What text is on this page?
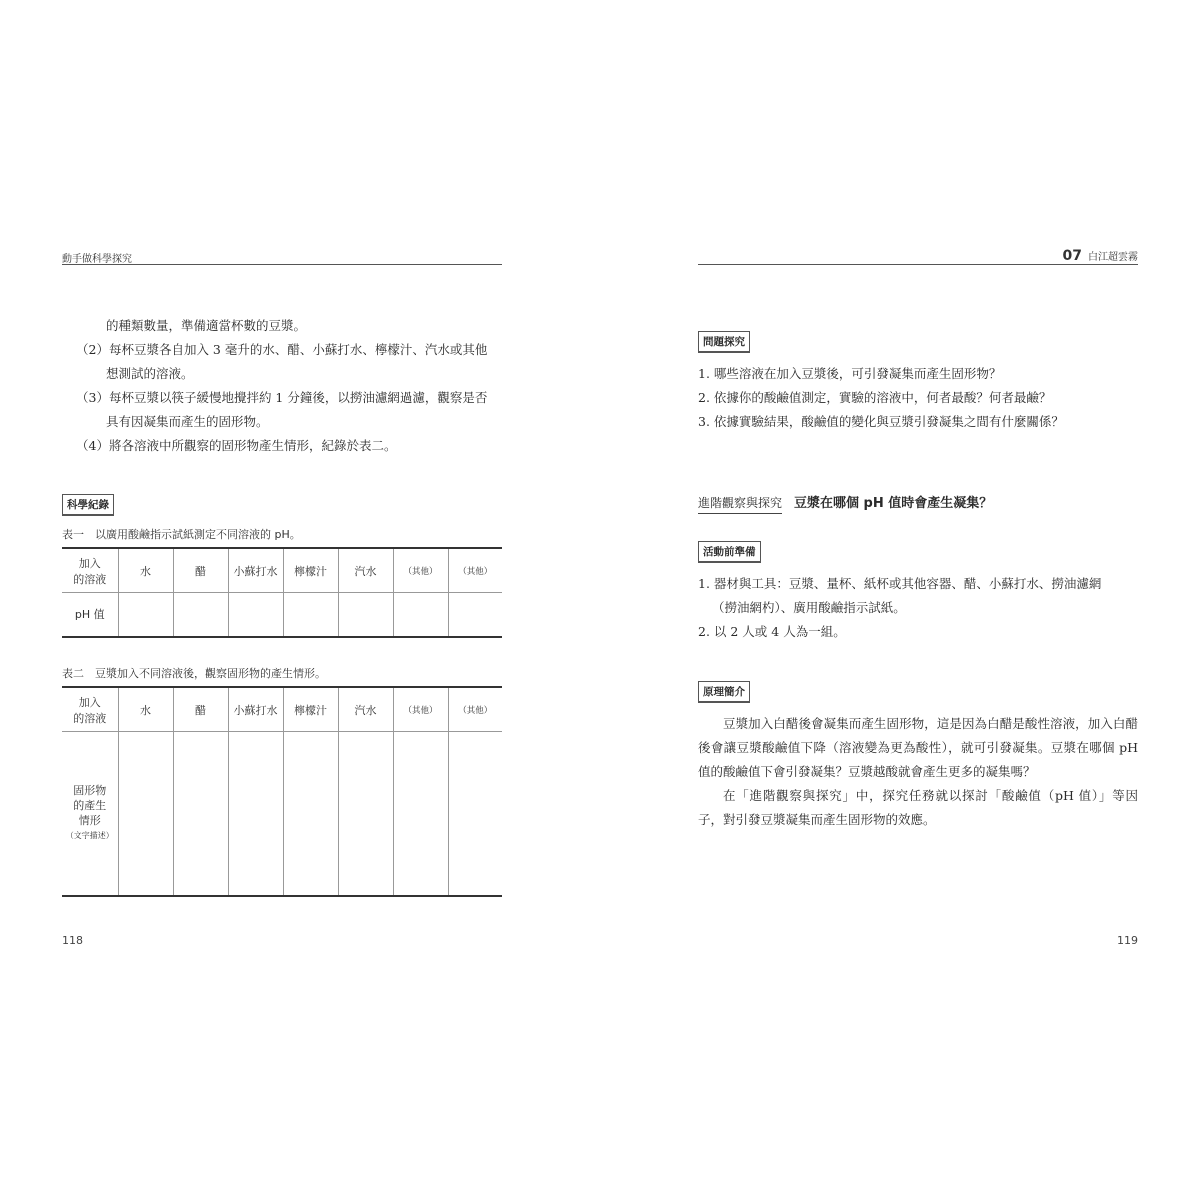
動手做科學探究
的種類數量，準備適當杯數的豆漿。
（2）每杯豆漿各自加入 3 毫升的水、醋、小蘇打水、檸檬汁、汽水或其他
想測試的溶液。
（3）每杯豆漿以筷子緩慢地攪拌約 1 分鐘後，以撈油濾網過濾，觀察是否
具有因凝集而產生的固形物。
（4）將各溶液中所觀察的固形物產生情形，紀錄於表二。
科學紀錄
表一　以廣用酸鹼指示試紙測定不同溶液的 pH。
加入
的溶液	水	醋	小蘇打水	檸檬汁	汽水	（其他）	（其他）
pH 值							
表二　豆漿加入不同溶液後，觀察固形物的產生情形。
加入
的溶液	水	醋	小蘇打水	檸檬汁	汽水	（其他）	（其他）

固形物
的產生
情形
（文字描述）							

118
07 白江超雲霧
問題探究
1. 哪些溶液在加入豆漿後，可引發凝集而產生固形物？
2. 依據你的酸鹼值測定，實驗的溶液中，何者最酸？何者最鹼？
3. 依據實驗結果，酸鹼值的變化與豆漿引發凝集之間有什麼關係？
進階觀察與探究 豆漿在哪個 pH 值時會產生凝集？
活動前準備
1. 器材與工具：豆漿、量杯、紙杯或其他容器、醋、小蘇打水、撈油濾網
（撈油網杓）、廣用酸鹼指示試紙。
2. 以 2 人或 4 人為一組。
原理簡介
豆漿加入白醋後會凝集而產生固形物，這是因為白醋是酸性溶液，加入白醋後會讓豆漿酸鹼值下降（溶液變為更為酸性），就可引發凝集。豆漿在哪個 pH 值的酸鹼值下會引發凝集？豆漿越酸就會產生更多的凝集嗎？
在「進階觀察與探究」中，探究任務就以探討「酸鹼值（pH 值）」等因子，對引發豆漿凝集而產生固形物的效應。
119
